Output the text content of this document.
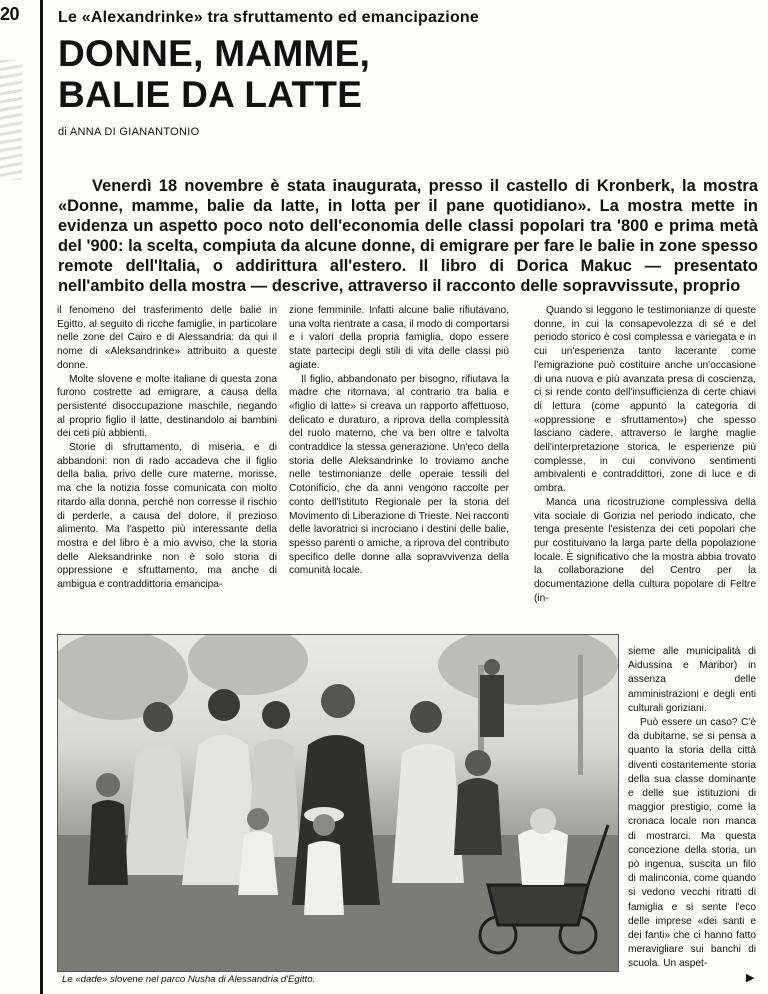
20 Le «Alexandrinke» tra sfruttamento ed emancipazione
DONNE, MAMME,
BALIE DA LATTE
di ANNA DI GIANANTONIO
Venerdì 18 novembre è stata inaugurata, presso il castello di Kronberk, la mostra «Donne, mamme, balie da latte, in lotta per il pane quotidiano». La mostra mette in evidenza un aspetto poco noto dell'economia delle classi popolari tra '800 e prima metà del '900: la scelta, compiuta da alcune donne, di emigrare per fare le balie in zone spesso remote dell'Italia, o addirittura all'estero. Il libro di Dorica Makuc — presentato nell'ambito della mostra — descrive, attraverso il racconto delle sopravvissute, proprio

il fenomeno del trasferimento delle balie in Egitto, al seguito di ricche famiglie, in particolare nelle zone del Cairo e di Alessandria: da qui il nome di «Aleksandrinke» attribuito a queste donne.

Molte slovene e molte italiane di questa zona furono costrette ad emigrare, a causa della persistente disoccupazione maschile, negando al proprio figlio il latte, destinandolo ai bambini dei ceti più abbienti.

Storie di sfruttamento, di miseria, e di abbandoni: non di rado accadeva che il figlio della balia, privo delle cure materne, morisse, ma che la notizia fosse comunicata con molto ritardo alla donna, perché non corresse il rischio di perderle, a causa del dolore, il prezioso alimento. Ma l'aspetto più interessante della mostra e del libro è a mio avviso, che la storia delle Aleksandrinke non è solo storia di oppressione e sfruttamento, ma anche di ambigua e contraddittoria emancipa-

zione femminile. Infatti alcune balie rifiutavano, una volta rientrate a casa, il modo di comportarsi e i valori della propria famiglia, dopo essere state partecipi degli stili di vita delle classi più agiate.

Il figlio, abbandonato per bisogno, rifiutava la madre che ritornava; al contrario tra balia e «figlio di latte» si creava un rapporto affettuoso, delicato e duraturo, a riprova della complessità del ruolo materno, che va ben oltre e talvolta contraddice la stessa generazione. Un'eco della storia delle Aleksandrinke lo troviamo anche nelle testimonianze delle operaie tessili del Cotonificio, che da anni vengono raccolte per conto dell'Istituto Regionale per la storia del Movimento di Liberazione di Trieste. Nei racconti delle lavoratrici si incrociano i destini delle balie, spesso parenti o amiche, a riprova del contributo specifico delle donne alla sopravvivenza della comunità locale.

Quando si leggono le testimonianze di queste donne, in cui la consapevolezza di sé e del periodo storico è così complessa e variegata e in cui un'esperienza tanto lacerante come l'emigrazione può costituire anche un'occasione di una nuova e più avanzata presa di coscienza, ci si rende conto dell'insufficienza di certe chiavi di lettura (come appunto la categoria di «oppressione e sfruttamento») che spesso lasciano cadere, attraverso le larghe maglie dell'interpretazione storica, le esperienze più complesse, in cui convivono sentimenti ambivalenti e contraddittori, zone di luce e di ombra.

Manca una ricostruzione complessiva della vita sociale di Gorizia nel periodo indicato, che tenga presente l'esistenza dei ceti popolari che pur costituivano la larga parte della popolazione locale. È significativo che la mostra abbia trovato la collaborazione del Centro per la documentazione della cultura popolare di Feltre (in-

sieme alle municipalità di Aidussina e Maribor) in assenza delle amministrazioni e degli enti culturali goriziani.

Può essere un caso? C'è da dubitarne, se si pensa a quanto la storia della città diventi costantemente storia della sua classe dominante e delle sue istituzioni di maggior prestigio, come la cronaca locale non manca di mostrarci. Ma questa concezione della storia, un pò ingenua, suscita un filo di malinconia, come quando si vedono vecchi ritratti di famiglia e si sente l'eco delle imprese «dei santi e dei fanti» che ci hanno fatto meravigliare sui banchi di scuola. Un aspet-

Le «dade» slovene nel parco Nusha di Alessandria d'Egitto.	▶
